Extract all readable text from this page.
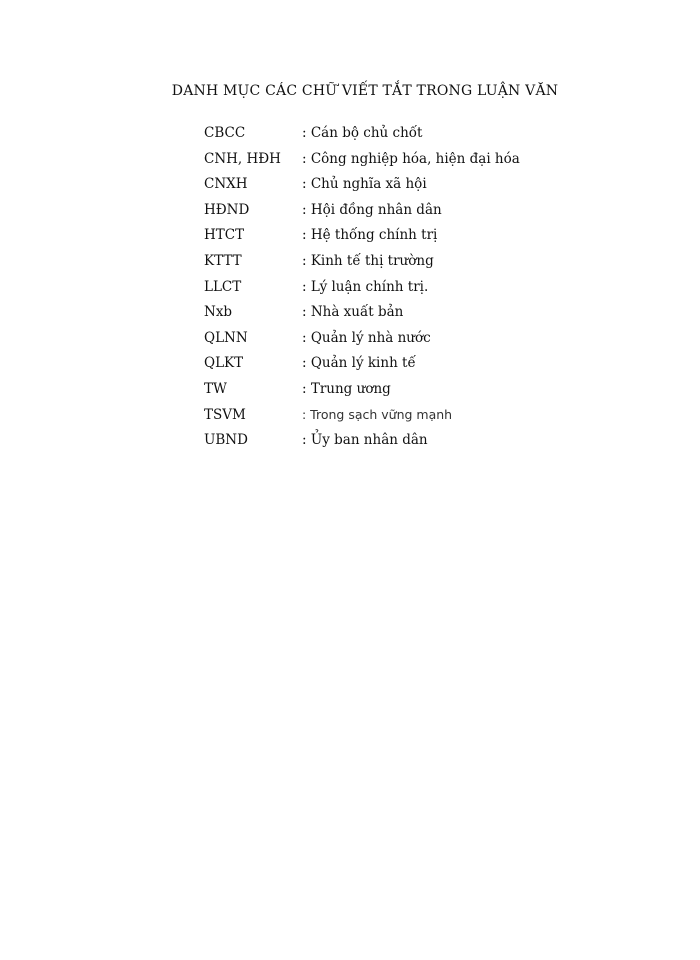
DANH MỤC CÁC CHỮ VIẾT TẮT TRONG LUẬN VĂN
CBCC	: Cán bộ chủ chốt
CNH, HĐH	: Công nghiệp hóa, hiện đại hóa
CNXH	: Chủ nghĩa xã hội
HĐND	: Hội đồng nhân dân
HTCT	: Hệ thống chính trị
KTTT	: Kinh tế thị trường
LLCT	: Lý luận chính trị.
Nxb	: Nhà xuất bản
QLNN	: Quản lý nhà nước
QLKT	: Quản lý kinh tế
TW	: Trung ương
TSVM	: Trong sạch vững mạnh
UBND	: Ủy ban nhân dân
